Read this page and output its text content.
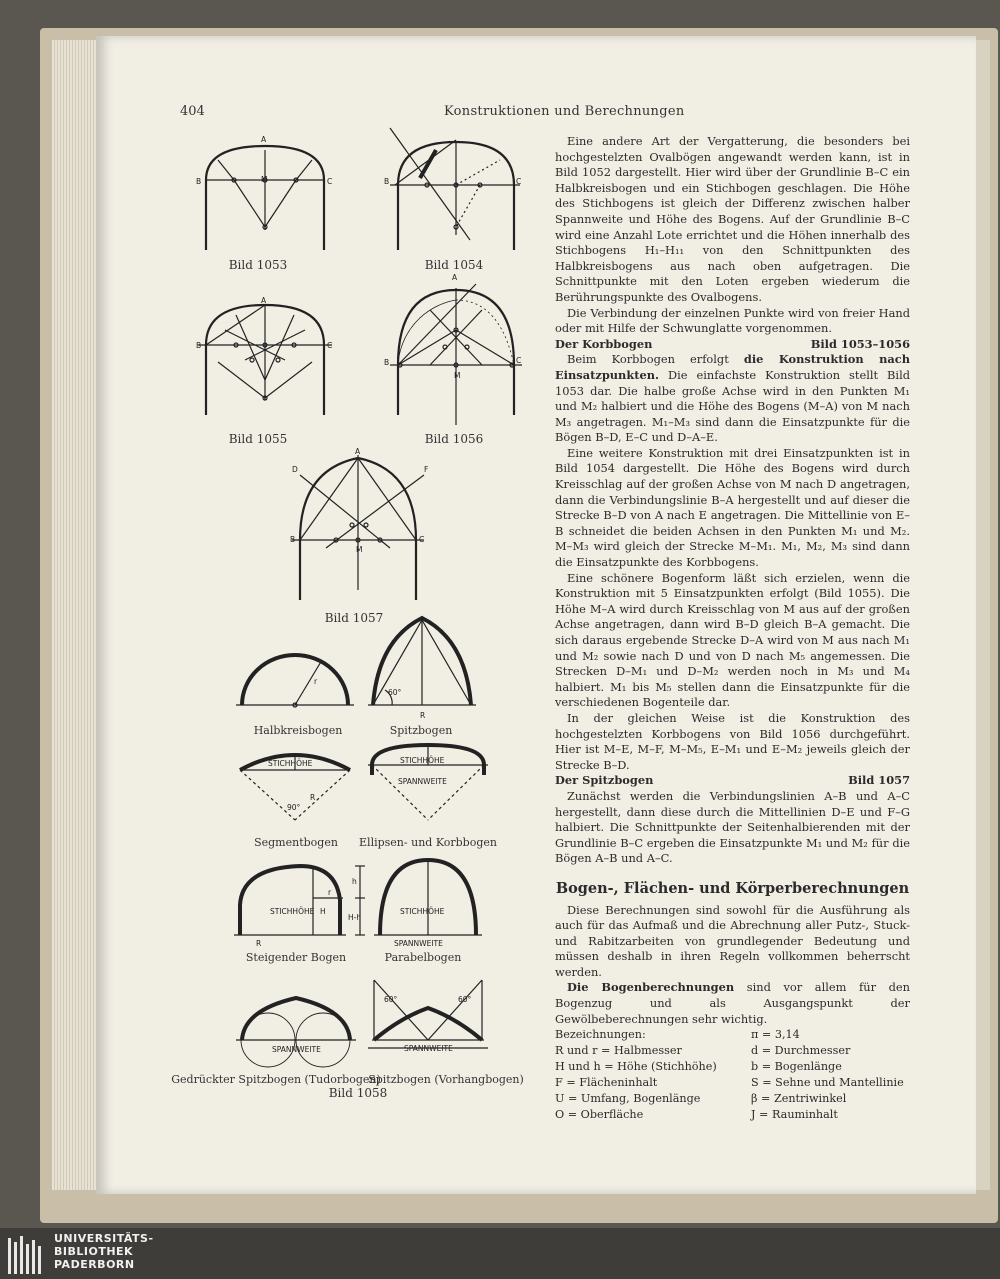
404	Konstruktionen und Berechnungen
A
B	C
M
A
B	C
A
B	C
B	C
M
A
B	C
M
D	F
R
60°
r
STICHHÖHE
90°
R
STICHHÖHE
SPANNWEITE
STICHHÖHE H
r
h
H-h
R
STICHHÖHE
SPANNWEITE
SPANNWEITE	SPANNWEITE
60°	60°
Bild 1053	Bild 1054
Bild 1055	Bild 1056
Bild 1057
Halbkreisbogen	Spitzbogen
Segmentbogen Ellipsen- und Korbbogen
Steigender Bogen	Parabelbogen
Gedrückter Spitzbogen (Tudorbogen)
Spitzbogen (Vorhangbogen)
Bild 1058

Eine andere Art der Vergatterung, die besonders bei hochgestelzten Ovalbögen angewandt werden kann, ist in Bild 1052 dargestellt. Hier wird über der Grundlinie B–C ein Halbkreisbogen und ein Stichbogen geschlagen. Die Höhe des Stichbogens ist gleich der Differenz zwischen halber Spannweite und Höhe des Bogens. Auf der Grundlinie B–C wird eine Anzahl Lote errichtet und die Höhen innerhalb des Stichbogens H₁–H₁₁ von den Schnittpunkten des Halbkreisbogens aus nach oben aufgetragen. Die Schnittpunkte mit den Loten ergeben wiederum die Berührungspunkte des Ovalbogens.

Die Verbindung der einzelnen Punkte wird von freier Hand oder mit Hilfe der Schwunglatte vorgenommen.

Der Korbbogen	Bild 1053–1056

Beim Korbbogen erfolgt die Konstruktion nach Einsatzpunkten. Die einfachste Konstruktion stellt Bild 1053 dar. Die halbe große Achse wird in den Punkten M₁ und M₂ halbiert und die Höhe des Bogens (M–A) von M nach M₃ angetragen. M₁–M₃ sind dann die Einsatzpunkte für die Bögen B–D, E–C und D–A–E.

Eine weitere Konstruktion mit drei Einsatzpunkten ist in Bild 1054 dargestellt. Die Höhe des Bogens wird durch Kreisschlag auf der großen Achse von M nach D angetragen, dann die Verbindungslinie B–A hergestellt und auf dieser die Strecke B–D von A nach E angetragen. Die Mittellinie von E–B schneidet die beiden Achsen in den Punkten M₁ und M₂. M–M₃ wird gleich der Strecke M–M₁. M₁, M₂, M₃ sind dann die Einsatzpunkte des Korbbogens.

Eine schönere Bogenform läßt sich erzielen, wenn die Konstruktion mit 5 Einsatzpunkten erfolgt (Bild 1055). Die Höhe M–A wird durch Kreisschlag von M aus auf der großen Achse angetragen, dann wird B–D gleich B–A gemacht. Die sich daraus ergebende Strecke D–A wird von M aus nach M₁ und M₂ sowie nach D und von D nach M₅ angemessen. Die Strecken D–M₁ und D–M₂ werden noch in M₃ und M₄ halbiert. M₁ bis M₅ stellen dann die Einsatzpunkte für die verschiedenen Bogenteile dar.

In der gleichen Weise ist die Konstruktion des hochgestelzten Korbbogens von Bild 1056 durchgeführt. Hier ist M–E, M–F, M–M₅, E–M₁ und E–M₂ jeweils gleich der Strecke B–D.

Der Spitzbogen	Bild 1057

Zunächst werden die Verbindungslinien A–B und A–C hergestellt, dann diese durch die Mittellinien D–E und F–G halbiert. Die Schnittpunkte der Seitenhalbierenden mit der Grundlinie B–C ergeben die Einsatzpunkte M₁ und M₂ für die Bögen A–B und A–C.

Bogen-, Flächen- und Körperberechnungen

Diese Berechnungen sind sowohl für die Ausführung als auch für das Aufmaß und die Abrechnung aller Putz-, Stuck- und Rabitzarbeiten von grundlegender Bedeutung und müssen deshalb in ihren Regeln vollkommen beherrscht werden.

Die Bogenberechnungen sind vor allem für den Bogenzug und als Ausgangspunkt der Gewölbeberechnungen sehr wichtig.

Bezeichnungen:	π = 3,14
R und r = Halbmesser	d = Durchmesser
H und h = Höhe (Stichhöhe)	b = Bogenlänge
F = Flächeninhalt	S = Sehne und Mantellinie
U = Umfang, Bogenlänge	β = Zentriwinkel
O = Oberfläche	J = Rauminhalt
UNIVERSITÄTS-
BIBLIOTHEK
PADERBORN
